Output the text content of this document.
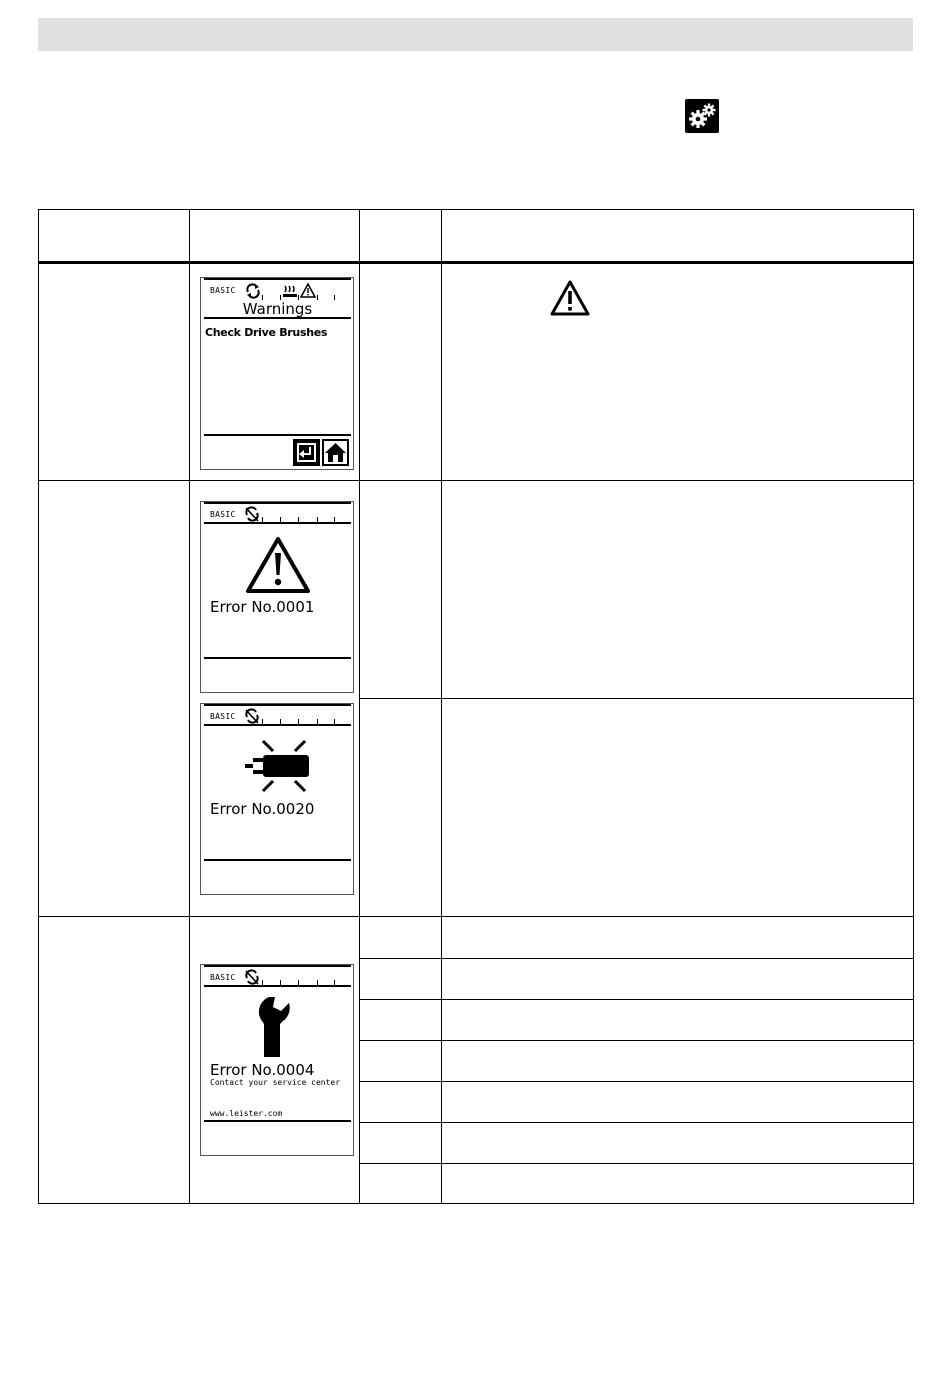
	BASIC
Warnings
Check Drive Brushes

	BASIC
Error No.0001
BASIC
Error No.0020		

	BASIC
Error No.0004
Contact your service center
www.leister.com		
